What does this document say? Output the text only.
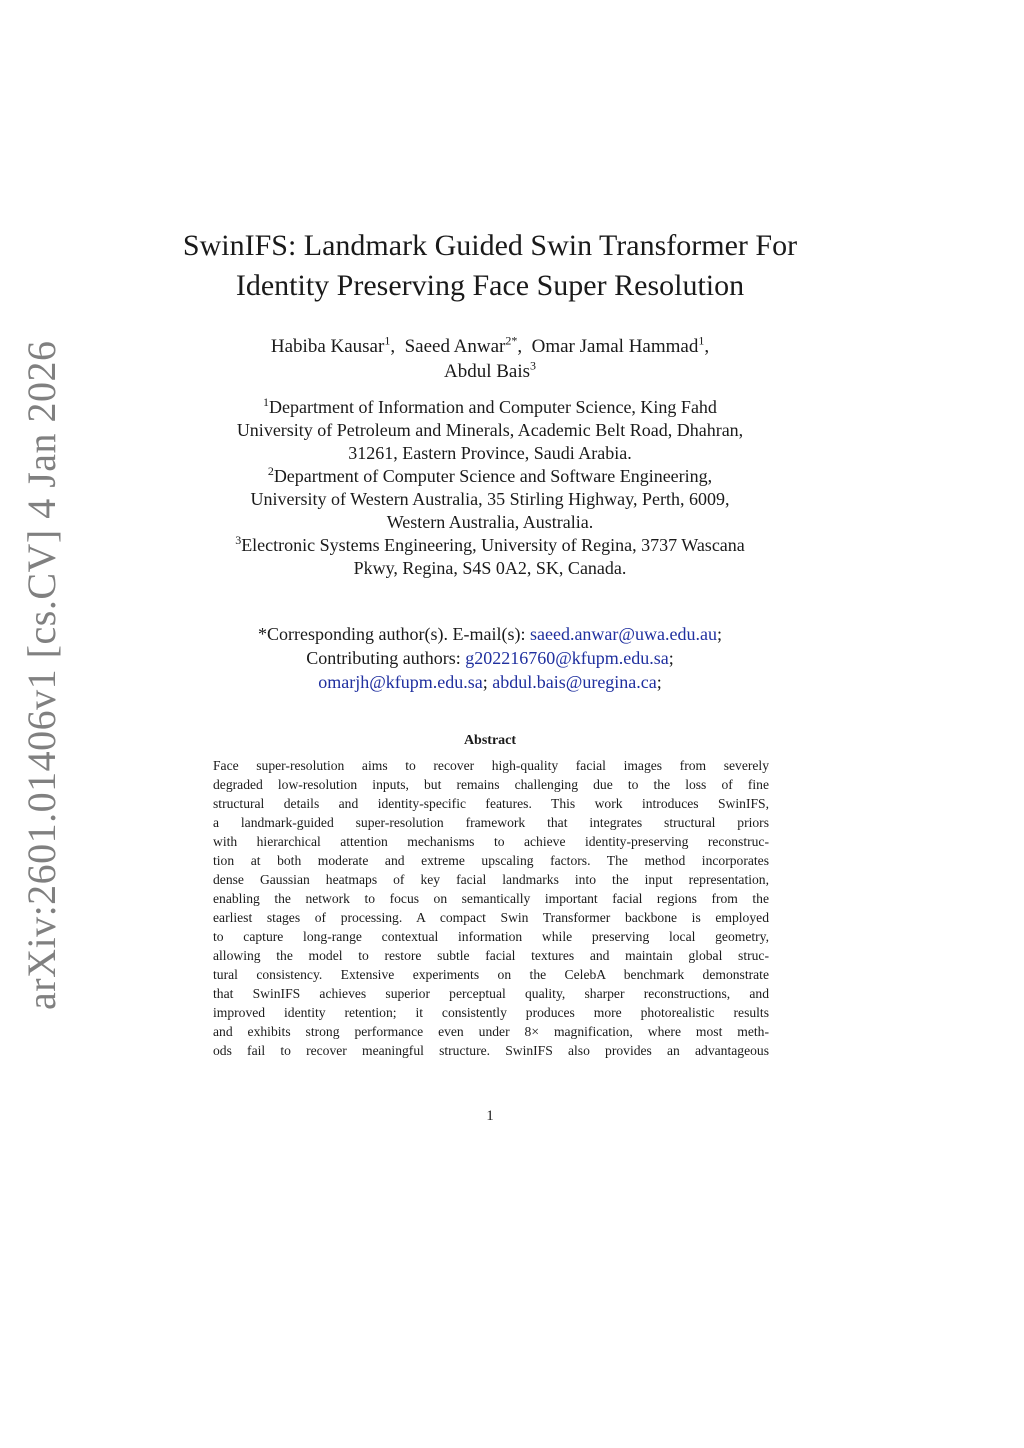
arXiv:2601.01406v1 [cs.CV] 4 Jan 2026
SwinIFS: Landmark Guided Swin Transformer For
Identity Preserving Face Super Resolution
Habiba Kausar$^1$,  Saeed Anwar$^{2*}$,  Omar Jamal Hammad$^1$,
Abdul Bais$^3$
$^1$Department of Information and Computer Science, King Fahd
University of Petroleum and Minerals, Academic Belt Road, Dhahran,
31261, Eastern Province, Saudi Arabia.
$^2$Department of Computer Science and Software Engineering,
University of Western Australia, 35 Stirling Highway, Perth, 6009,
Western Australia, Australia.
$^3$Electronic Systems Engineering, University of Regina, 3737 Wascana
Pkwy, Regina, S4S 0A2, SK, Canada.
*Corresponding author(s). E-mail(s): saeed.anwar@uwa.edu.au;
Contributing authors: g202216760@kfupm.edu.sa;
omarjh@kfupm.edu.sa; abdul.bais@uregina.ca;
Abstract
Face super-resolution aims to recover high-quality facial images from severely
degraded low-resolution inputs, but remains challenging due to the loss of fine
structural details and identity-specific features. This work introduces SwinIFS,
a landmark-guided super-resolution framework that integrates structural priors
with hierarchical attention mechanisms to achieve identity-preserving reconstruc-
tion at both moderate and extreme upscaling factors. The method incorporates
dense Gaussian heatmaps of key facial landmarks into the input representation,
enabling the network to focus on semantically important facial regions from the
earliest stages of processing. A compact Swin Transformer backbone is employed
to capture long-range contextual information while preserving local geometry,
allowing the model to restore subtle facial textures and maintain global struc-
tural consistency. Extensive experiments on the CelebA benchmark demonstrate
that SwinIFS achieves superior perceptual quality, sharper reconstructions, and
improved identity retention; it consistently produces more photorealistic results
and exhibits strong performance even under 8× magnification, where most meth-
ods fail to recover meaningful structure. SwinIFS also provides an advantageous
1
